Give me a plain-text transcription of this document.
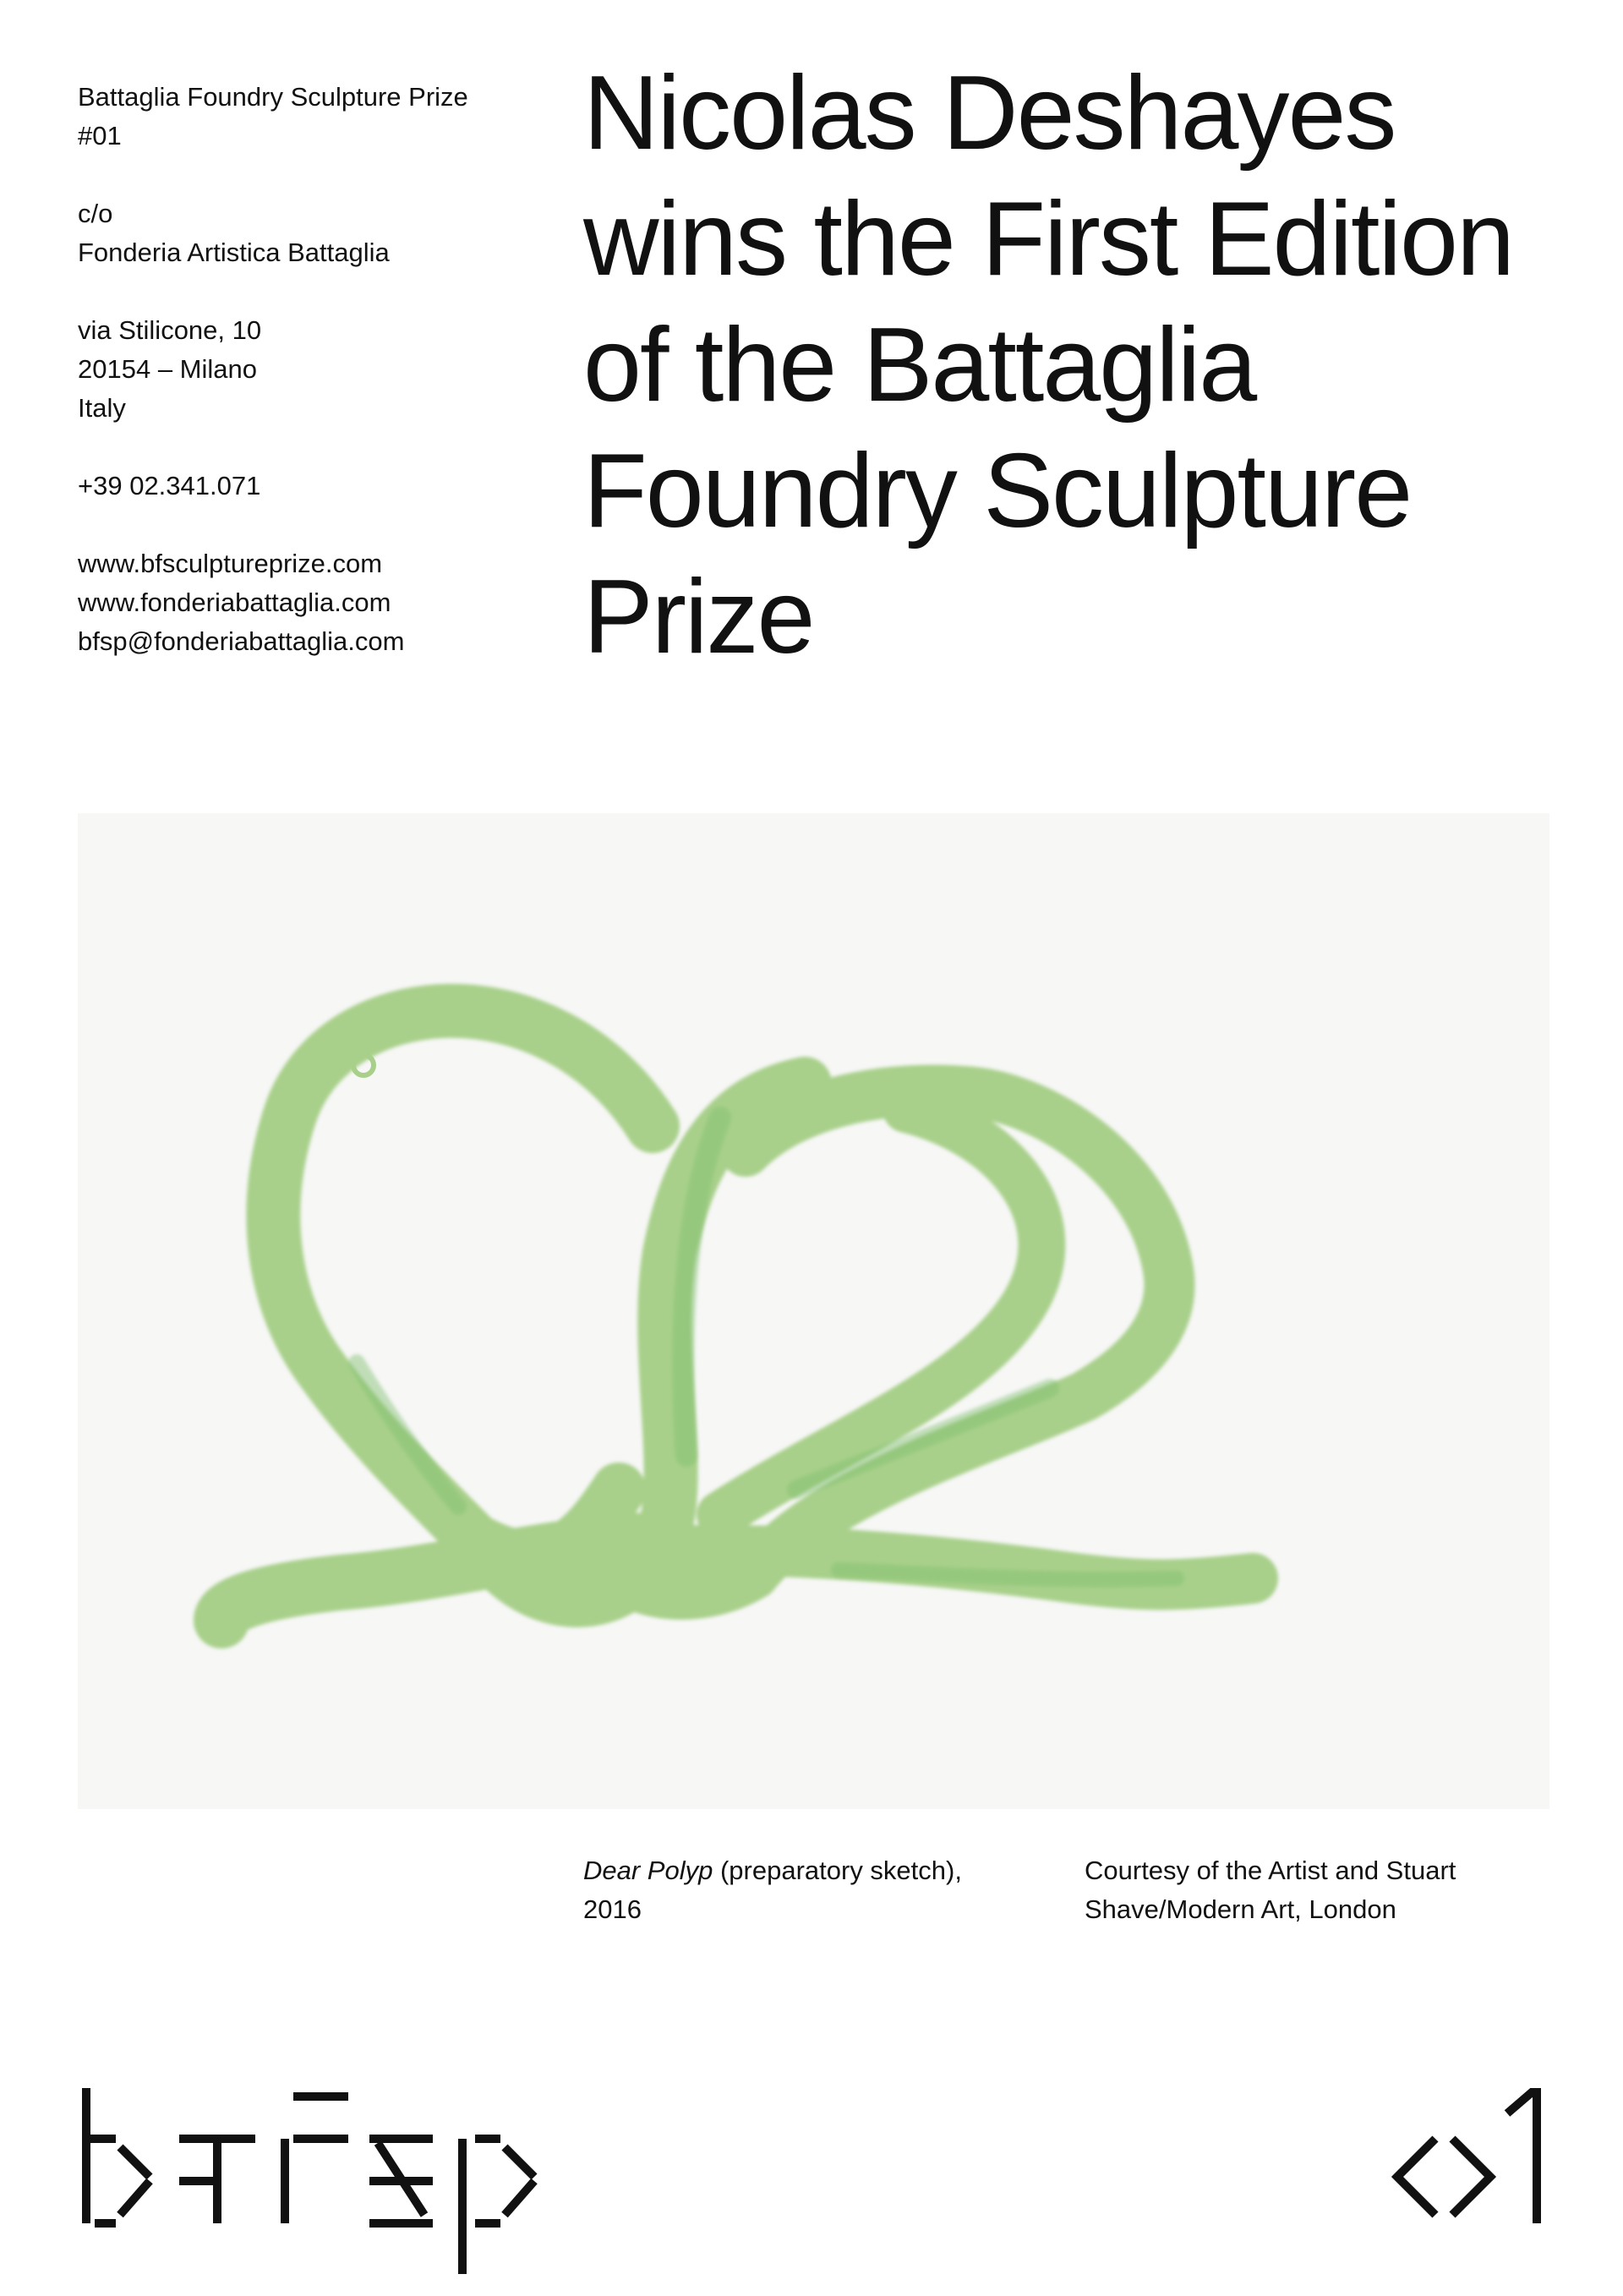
Battaglia Foundry Sculpture Prize
#01

c/o
Fonderia Artistica Battaglia

via Stilicone, 10
20154 – Milano
Italy

+39 02.341.071

www.bfsculptureprize.com
www.fonderiabattaglia.com
bfsp@fonderiabattaglia.com

Nicolas Deshayes
wins the First Edition
of the Battaglia
Foundry Sculpture
Prize
Dear Polyp (preparatory sketch),
2016
Courtesy of the Artist and Stuart
Shave/Modern Art, London
